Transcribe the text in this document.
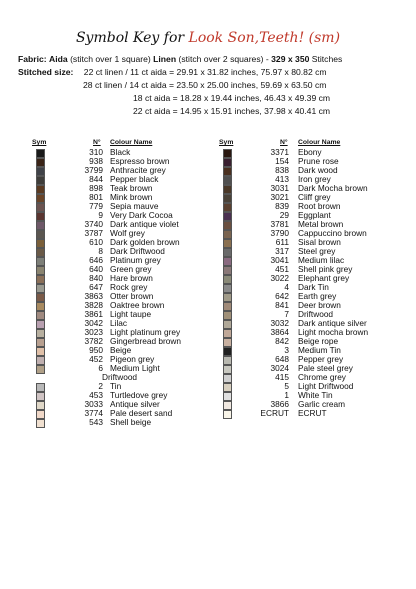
Symbol Key for Look Son,Teeth! (sm)
Fabric: Aida (stitch over 1 square) Linen (stitch over 2 squares) - 329 x 350 Stitches
Stitched size: 22 ct linen / 11 ct aida = 29.91 x 31.82 inches, 75.97 x 80.82 cm
28 ct linen / 14 ct aida = 23.50 x 25.00 inches, 59.69 x 63.50 cm
18 ct aida = 18.28 x 19.44 inches, 46.43 x 49.39 cm
22 ct aida = 14.95 x 15.91 inches, 37.98 x 40.41 cm
Sym	N° Colour Name	Sym	N° Colour Name
310 Black
938 Espresso brown
3799 Anthracite grey
844 Pepper black
898 Teak brown
801 Mink brown
779 Sepia mauve
9 Very Dark Cocoa
3740 Dark antique violet
3787 Wolf grey
610 Dark golden brown
8 Dark Driftwood
646 Platinum grey
640 Green grey
840 Hare brown
647 Rock grey
3863 Otter brown
3828 Oaktree brown
3861 Light taupe
3042 Lilac
3023 Light platinum grey
3782 Gingerbread brown
950 Beige
452 Pigeon grey
6 Medium Light
Driftwood
2 Tin
453 Turtledove grey
3033 Antique silver
3774 Pale desert sand
543 Shell beige
3371 Ebony
154 Prune rose
838 Dark wood
413 Iron grey
3031 Dark Mocha brown
3021 Cliff grey
839 Root brown
29 Eggplant
3781 Metal brown
3790 Cappuccino brown
611 Sisal brown
317 Steel grey
3041 Medium lilac
451 Shell pink grey
3022 Elephant grey
4 Dark Tin
642 Earth grey
841 Deer brown
7 Driftwood
3032 Dark antique silver
3864 Light mocha brown
842 Beige rope
3 Medium Tin
648 Pepper grey
3024 Pale steel grey
415 Chrome grey
5 Light Driftwood
1 White Tin
3866 Garlic cream
ECRUT ECRUT
